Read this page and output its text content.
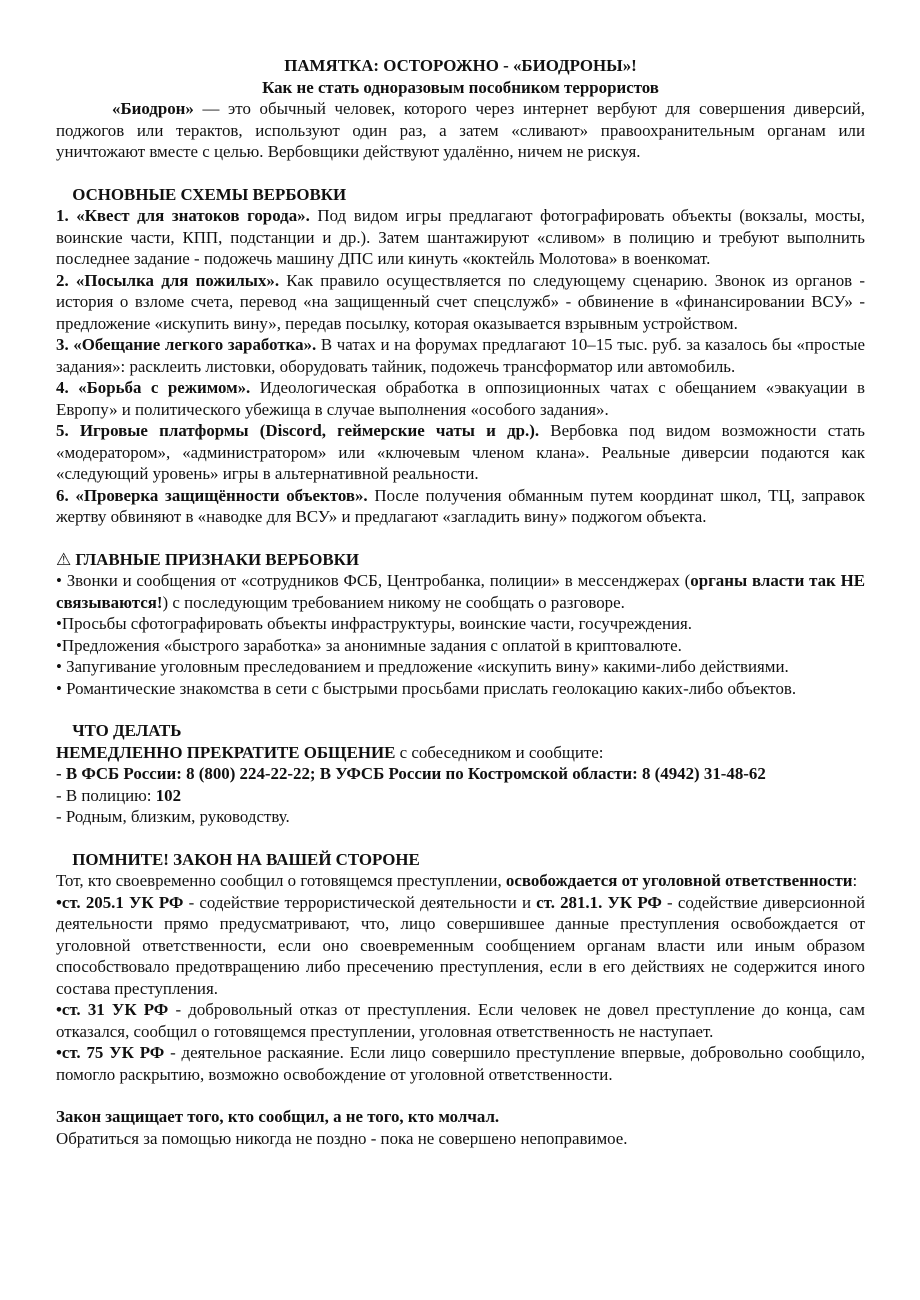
ПАМЯТКА: ОСТОРОЖНО - «БИОДРОНЫ»!
Как не стать одноразовым пособником террористов

«Биодрон» — это обычный человек, которого через интернет вербуют для совершения диверсий, поджогов или терактов, используют один раз, а затем «сливают» правоохранительным органам или уничтожают вместе с целью. Вербовщики действуют удалённо, ничем не рискуя.

ОСНОВНЫЕ СХЕМЫ ВЕРБОВКИ

1. «Квест для знатоков города». Под видом игры предлагают фотографировать объекты (вокзалы, мосты, воинские части, КПП, подстанции и др.). Затем шантажируют «сливом» в полицию и требуют выполнить последнее задание - подожечь машину ДПС или кинуть «коктейль Молотова» в военкомат.

2. «Посылка для пожилых». Как правило осуществляется по следующему сценарию. Звонок из органов - история о взломе счета, перевод «на защищенный счет спецслужб» - обвинение в «финансировании ВСУ» - предложение «искупить вину», передав посылку, которая оказывается взрывным устройством.

3. «Обещание легкого заработка». В чатах и на форумах предлагают 10–15 тыс. руб. за казалось бы «простые задания»: расклеить листовки, оборудовать тайник, подожечь трансформатор или автомобиль.

4. «Борьба с режимом». Идеологическая обработка в оппозиционных чатах с обещанием «эвакуации в Европу» и политического убежища в случае выполнения «особого задания».

5. Игровые платформы (Discord, геймерские чаты и др.). Вербовка под видом возможности стать «модератором», «администратором» или «ключевым членом клана». Реальные диверсии подаются как «следующий уровень» игры в альтернативной реальности.

6. «Проверка защищённости объектов». После получения обманным путем координат школ, ТЦ, заправок жертву обвиняют в «наводке для ВСУ» и предлагают «загладить вину» поджогом объекта.

⚠ ГЛАВНЫЕ ПРИЗНАКИ ВЕРБОВКИ

• Звонки и сообщения от «сотрудников ФСБ, Центробанка, полиции» в мессенджерах (органы власти так НЕ связываются!) с последующим требованием никому не сообщать о разговоре.

•Просьбы сфотографировать объекты инфраструктуры, воинские части, госучреждения.

•Предложения «быстрого заработка» за анонимные задания с оплатой в криптовалюте.

• Запугивание уголовным преследованием и предложение «искупить вину» какими-либо действиями.

• Романтические знакомства в сети с быстрыми просьбами прислать геолокацию каких-либо объектов.

ЧТО ДЕЛАТЬ

НЕМЕДЛЕННО ПРЕКРАТИТЕ ОБЩЕНИЕ с собеседником и сообщите:

- В ФСБ России: 8 (800) 224-22-22; В УФСБ России по Костромской области: 8 (4942) 31-48-62

- В полицию: 102

- Родным, близким, руководству.

ПОМНИТЕ! ЗАКОН НА ВАШЕЙ СТОРОНЕ

Тот, кто своевременно сообщил о готовящемся преступлении, освобождается от уголовной ответственности:

•ст. 205.1 УК РФ - содействие террористической деятельности и ст. 281.1. УК РФ - содействие диверсионной деятельности прямо предусматривают, что, лицо совершившее данные преступления освобождается от уголовной ответственности, если оно своевременным сообщением органам власти или иным образом способствовало предотвращению либо пресечению преступления, если в его действиях не содержится иного состава преступления.

•ст. 31 УК РФ - добровольный отказ от преступления. Если человек не довел преступление до конца, сам отказался, сообщил о готовящемся преступлении, уголовная ответственность не наступает.

•ст. 75 УК РФ - деятельное раскаяние. Если лицо совершило преступление впервые, добровольно сообщило, помогло раскрытию, возможно освобождение от уголовной ответственности.

Закон защищает того, кто сообщил, а не того, кто молчал.

Обратиться за помощью никогда не поздно - пока не совершено непоправимое.
